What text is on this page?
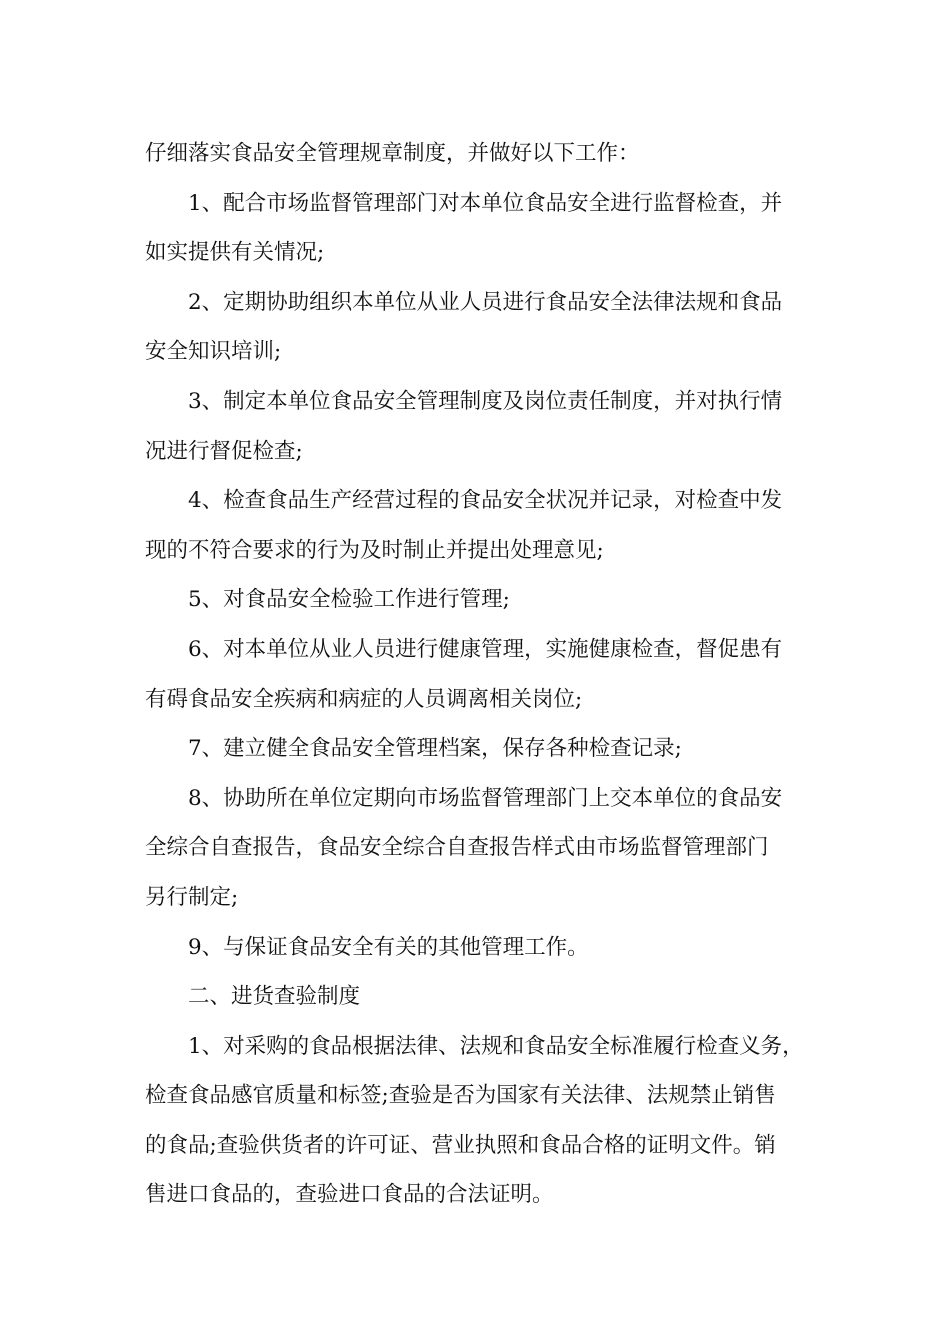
仔细落实食品安全管理规章制度，并做好以下工作：

1、配合市场监督管理部门对本单位食品安全进行监督检查，并
如实提供有关情况;

2、定期协助组织本单位从业人员进行食品安全法律法规和食品
安全知识培训;

3、制定本单位食品安全管理制度及岗位责任制度，并对执行情
况进行督促检查;

4、检查食品生产经营过程的食品安全状况并记录，对检查中发
现的不符合要求的行为及时制止并提出处理意见;

5、对食品安全检验工作进行管理;

6、对本单位从业人员进行健康管理，实施健康检查，督促患有
有碍食品安全疾病和病症的人员调离相关岗位;

7、建立健全食品安全管理档案，保存各种检查记录;

8、协助所在单位定期向市场监督管理部门上交本单位的食品安
全综合自查报告，食品安全综合自查报告样式由市场监督管理部门
另行制定;

9、与保证食品安全有关的其他管理工作。

二、进货查验制度

1、对采购的食品根据法律、法规和食品安全标准履行检查义务，
检查食品感官质量和标签;查验是否为国家有关法律、法规禁止销售
的食品;查验供货者的许可证、营业执照和食品合格的证明文件。销
售进口食品的，查验进口食品的合法证明。
